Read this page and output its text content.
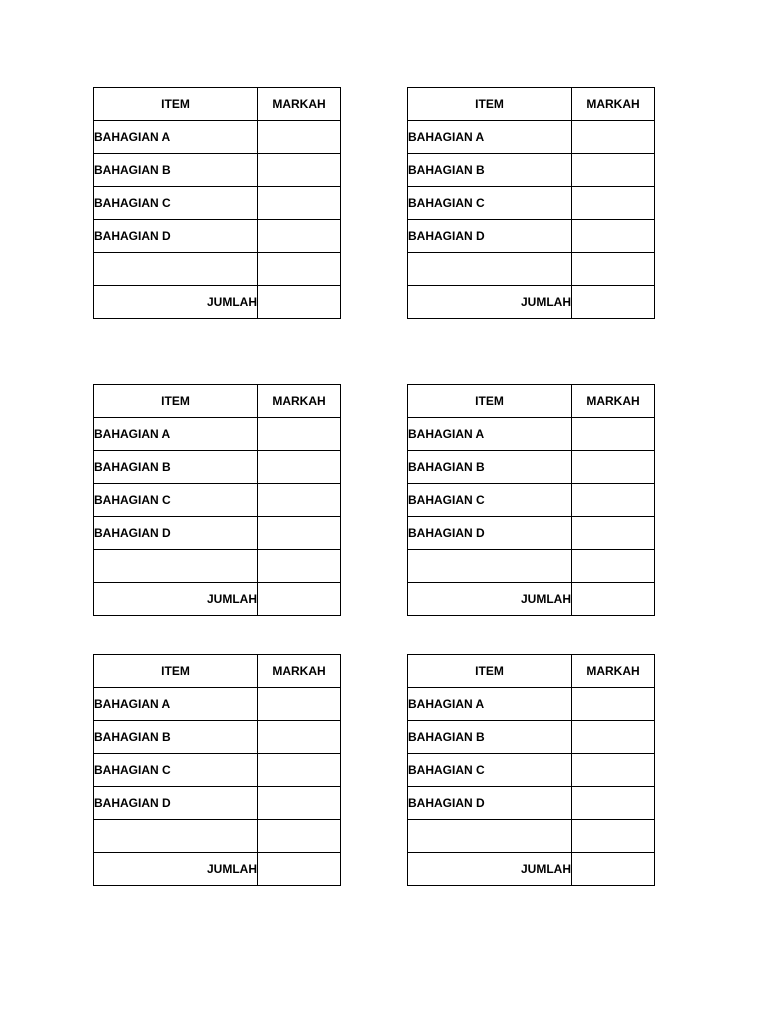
ITEM	MARKAH
BAHAGIAN A	
BAHAGIAN B	
BAHAGIAN C	
BAHAGIAN D	

JUMLAH	
ITEM	MARKAH
BAHAGIAN A	
BAHAGIAN B	
BAHAGIAN C	
BAHAGIAN D	

JUMLAH	
ITEM	MARKAH
BAHAGIAN A	
BAHAGIAN B	
BAHAGIAN C	
BAHAGIAN D	

JUMLAH	
ITEM	MARKAH
BAHAGIAN A	
BAHAGIAN B	
BAHAGIAN C	
BAHAGIAN D	

JUMLAH	
ITEM	MARKAH
BAHAGIAN A	
BAHAGIAN B	
BAHAGIAN C	
BAHAGIAN D	

JUMLAH	
ITEM	MARKAH
BAHAGIAN A	
BAHAGIAN B	
BAHAGIAN C	
BAHAGIAN D	

JUMLAH	
